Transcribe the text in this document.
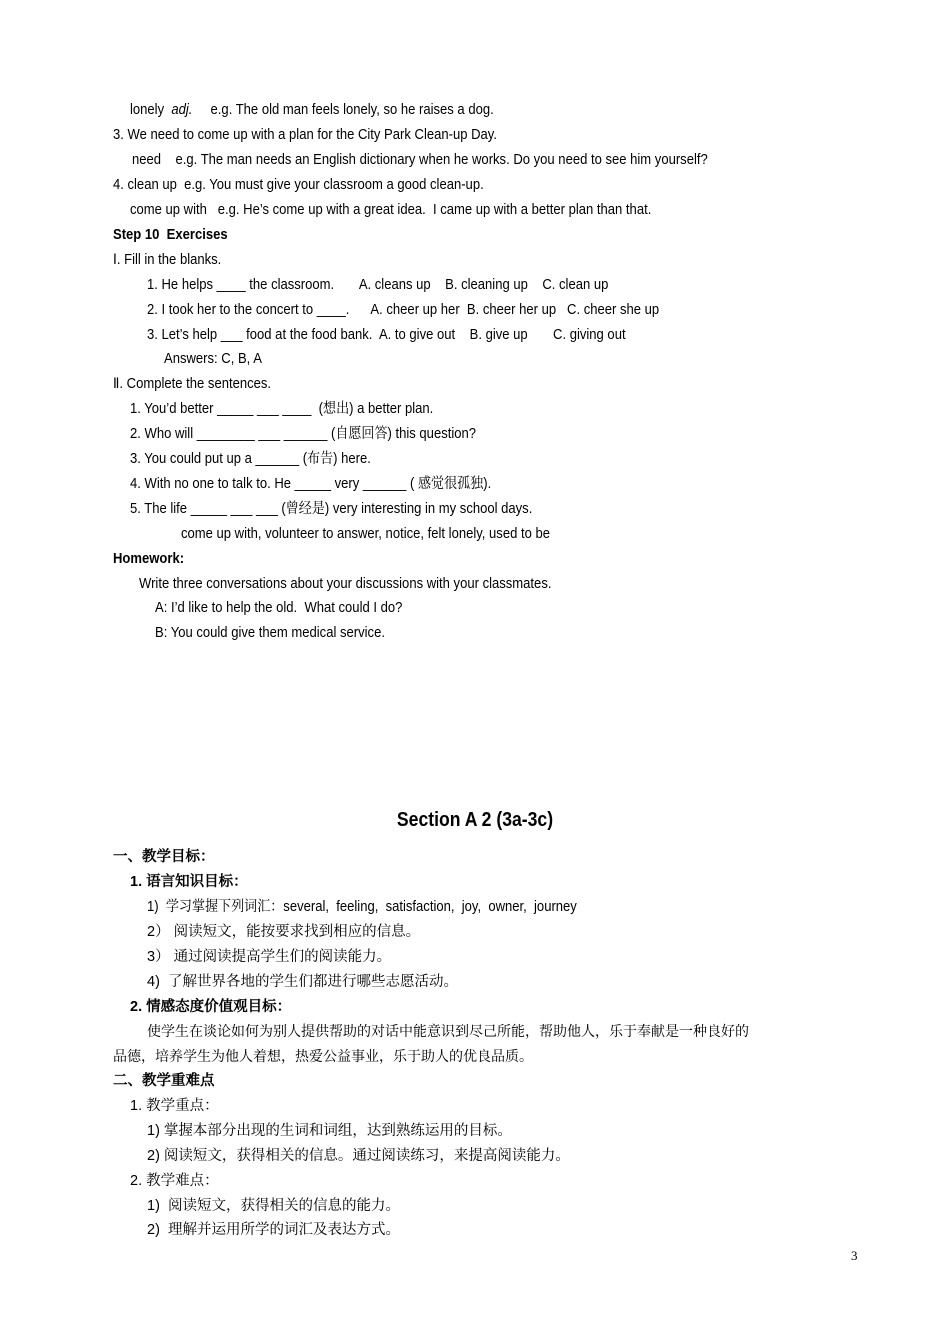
lonely adj. e.g. The old man feels lonely, so he raises a dog.
3. We need to come up with a plan for the City Park Clean-up Day.
need    e.g. The man needs an English dictionary when he works. Do you need to see him yourself?
4. clean up  e.g. You must give your classroom a good clean-up.
come up with   e.g. He’s come up with a great idea.  I came up with a better plan than that.
Step 10  Exercises
Ⅰ. Fill in the blanks.
1. He helps ____ the classroom.       A. cleans up    B. cleaning up    C. clean up
2. I took her to the concert to ____.      A. cheer up her  B. cheer her up   C. cheer she up
3. Let’s help ___ food at the food bank.  A. to give out    B. give up       C. giving out
Answers: C, B, A
Ⅱ. Complete the sentences.
1. You’d better _____ ___ ____  (想出) a better plan.
2. Who will ________ ___ ______ (自愿回答) this question?
3. You could put up a ______ (布告) here.
4. With no one to talk to. He _____ very ______ ( 感觉很孤独).
5. The life _____ ___ ___ (曾经是) very interesting in my school days.
come up with, volunteer to answer, notice, felt lonely, used to be
Homework:
Write three conversations about your discussions with your classmates.
A: I’d like to help the old.  What could I do?
B: You could give them medical service.
Section A 2 (3a-3c)
一、教学目标：
1. 语言知识目标：
1)  学习掌握下列词汇：several,  feeling,  satisfaction,  joy,  owner,  journey
2） 阅读短文，能按要求找到相应的信息。
3） 通过阅读提高学生们的阅读能力。
4)  了解世界各地的学生们都进行哪些志愿活动。
2. 情感态度价值观目标：
使学生在谈论如何为别人提供帮助的对话中能意识到尽己所能，帮助他人，乐于奉献是一种良好的
品德，培养学生为他人着想，热爱公益事业，乐于助人的优良品质。
二、教学重难点
1. 教学重点：
1) 掌握本部分出现的生词和词组，达到熟练运用的目标。
2) 阅读短文，获得相关的信息。通过阅读练习，来提高阅读能力。
2. 教学难点：
1)  阅读短文，获得相关的信息的能力。
2)  理解并运用所学的词汇及表达方式。
3
